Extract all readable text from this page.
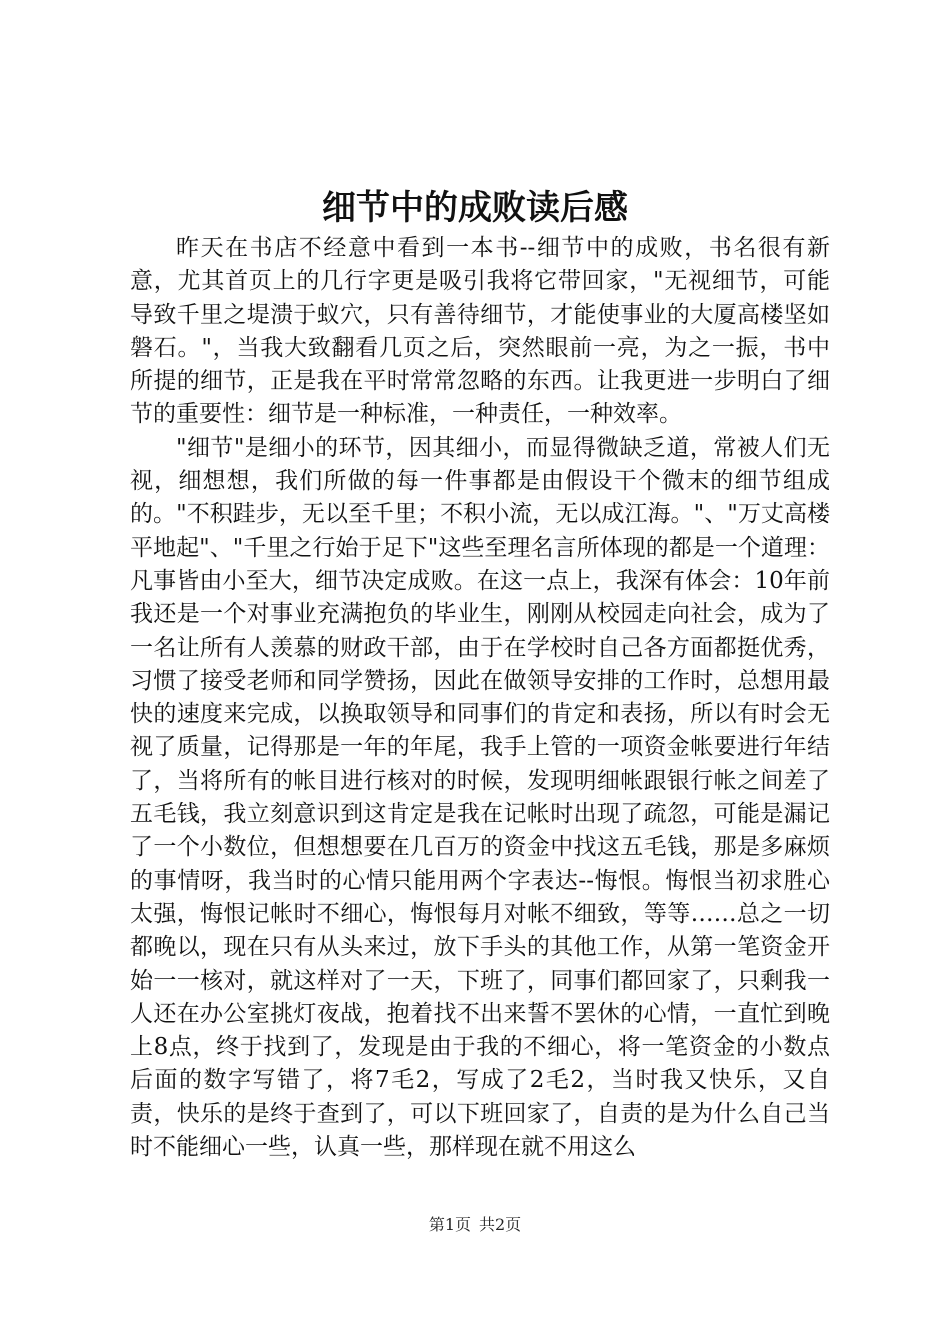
细节中的成败读后感

昨天在书店不经意中看到一本书--细节中的成败，书名很有新意，尤其首页上的几行字更是吸引我将它带回家，"无视细节，可能导致千里之堤溃于蚁穴，只有善待细节，才能使事业的大厦高楼坚如磐石。"，当我大致翻看几页之后，突然眼前一亮，为之一振，书中所提的细节，正是我在平时常常忽略的东西。让我更进一步明白了细节的重要性：细节是一种标准，一种责任，一种效率。

"细节"是细小的环节，因其细小，而显得微缺乏道，常被人们无视，细想想，我们所做的每一件事都是由假设干个微末的细节组成的。"不积跬步，无以至千里；不积小流，无以成江海。"、"万丈高楼平地起"、"千里之行始于足下"这些至理名言所体现的都是一个道理：凡事皆由小至大，细节决定成败。在这一点上，我深有体会：10年前我还是一个对事业充满抱负的毕业生，刚刚从校园走向社会，成为了一名让所有人羡慕的财政干部，由于在学校时自己各方面都挺优秀，习惯了接受老师和同学赞扬，因此在做领导安排的工作时，总想用最快的速度来完成，以换取领导和同事们的肯定和表扬，所以有时会无视了质量，记得那是一年的年尾，我手上管的一项资金帐要进行年结了，当将所有的帐目进行核对的时候，发现明细帐跟银行帐之间差了五毛钱，我立刻意识到这肯定是我在记帐时出现了疏忽，可能是漏记了一个小数位，但想想要在几百万的资金中找这五毛钱，那是多麻烦的事情呀，我当时的心情只能用两个字表达--悔恨。悔恨当初求胜心太强，悔恨记帐时不细心，悔恨每月对帐不细致，等等……总之一切都晚以，现在只有从头来过，放下手头的其他工作，从第一笔资金开始一一核对，就这样对了一天，下班了，同事们都回家了，只剩我一人还在办公室挑灯夜战，抱着找不出来誓不罢休的心情，一直忙到晚上8点，终于找到了，发现是由于我的不细心，将一笔资金的小数点后面的数字写错了，将7毛2，写成了2毛2，当时我又快乐，又自责，快乐的是终于查到了，可以下班回家了，自责的是为什么自己当时不能细心一些，认真一些，那样现在就不用这么

第1页 共2页
